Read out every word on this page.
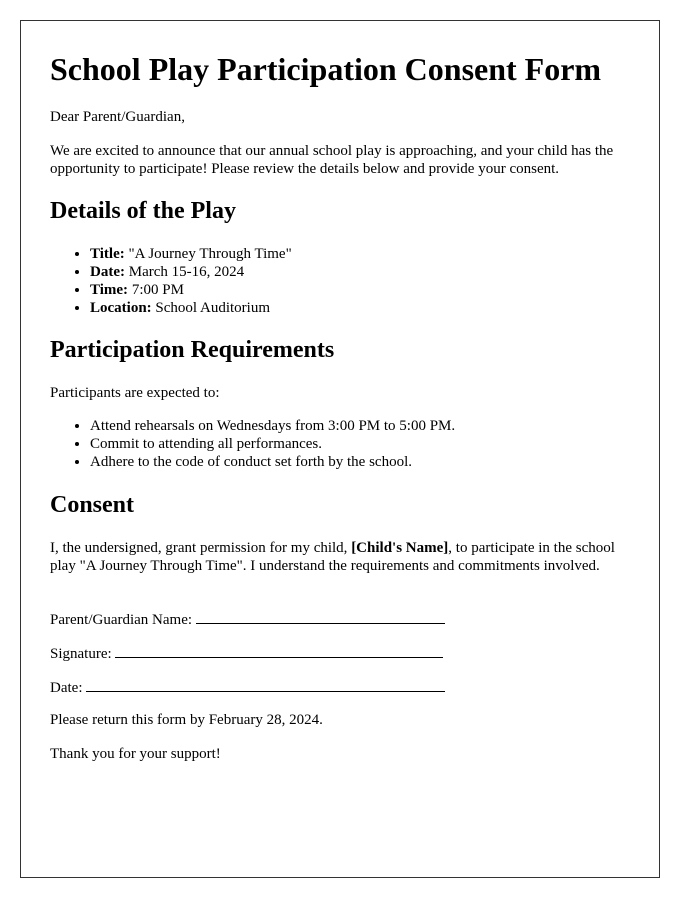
School Play Participation Consent Form

Dear Parent/Guardian,

We are excited to announce that our annual school play is approaching, and your child has the opportunity to participate! Please review the details below and provide your consent.

Details of the Play
• Title: "A Journey Through Time"
• Date: March 15-16, 2024
• Time: 7:00 PM
• Location: School Auditorium
Participation Requirements

Participants are expected to:

• Attend rehearsals on Wednesdays from 3:00 PM to 5:00 PM.
• Commit to attending all performances.
• Adhere to the code of conduct set forth by the school.
Consent

I, the undersigned, grant permission for my child, [Child's Name], to participate in the school play "A Journey Through Time". I understand the requirements and commitments involved.

Parent/Guardian Name:

Signature:

Date:

Please return this form by February 28, 2024.

Thank you for your support!
